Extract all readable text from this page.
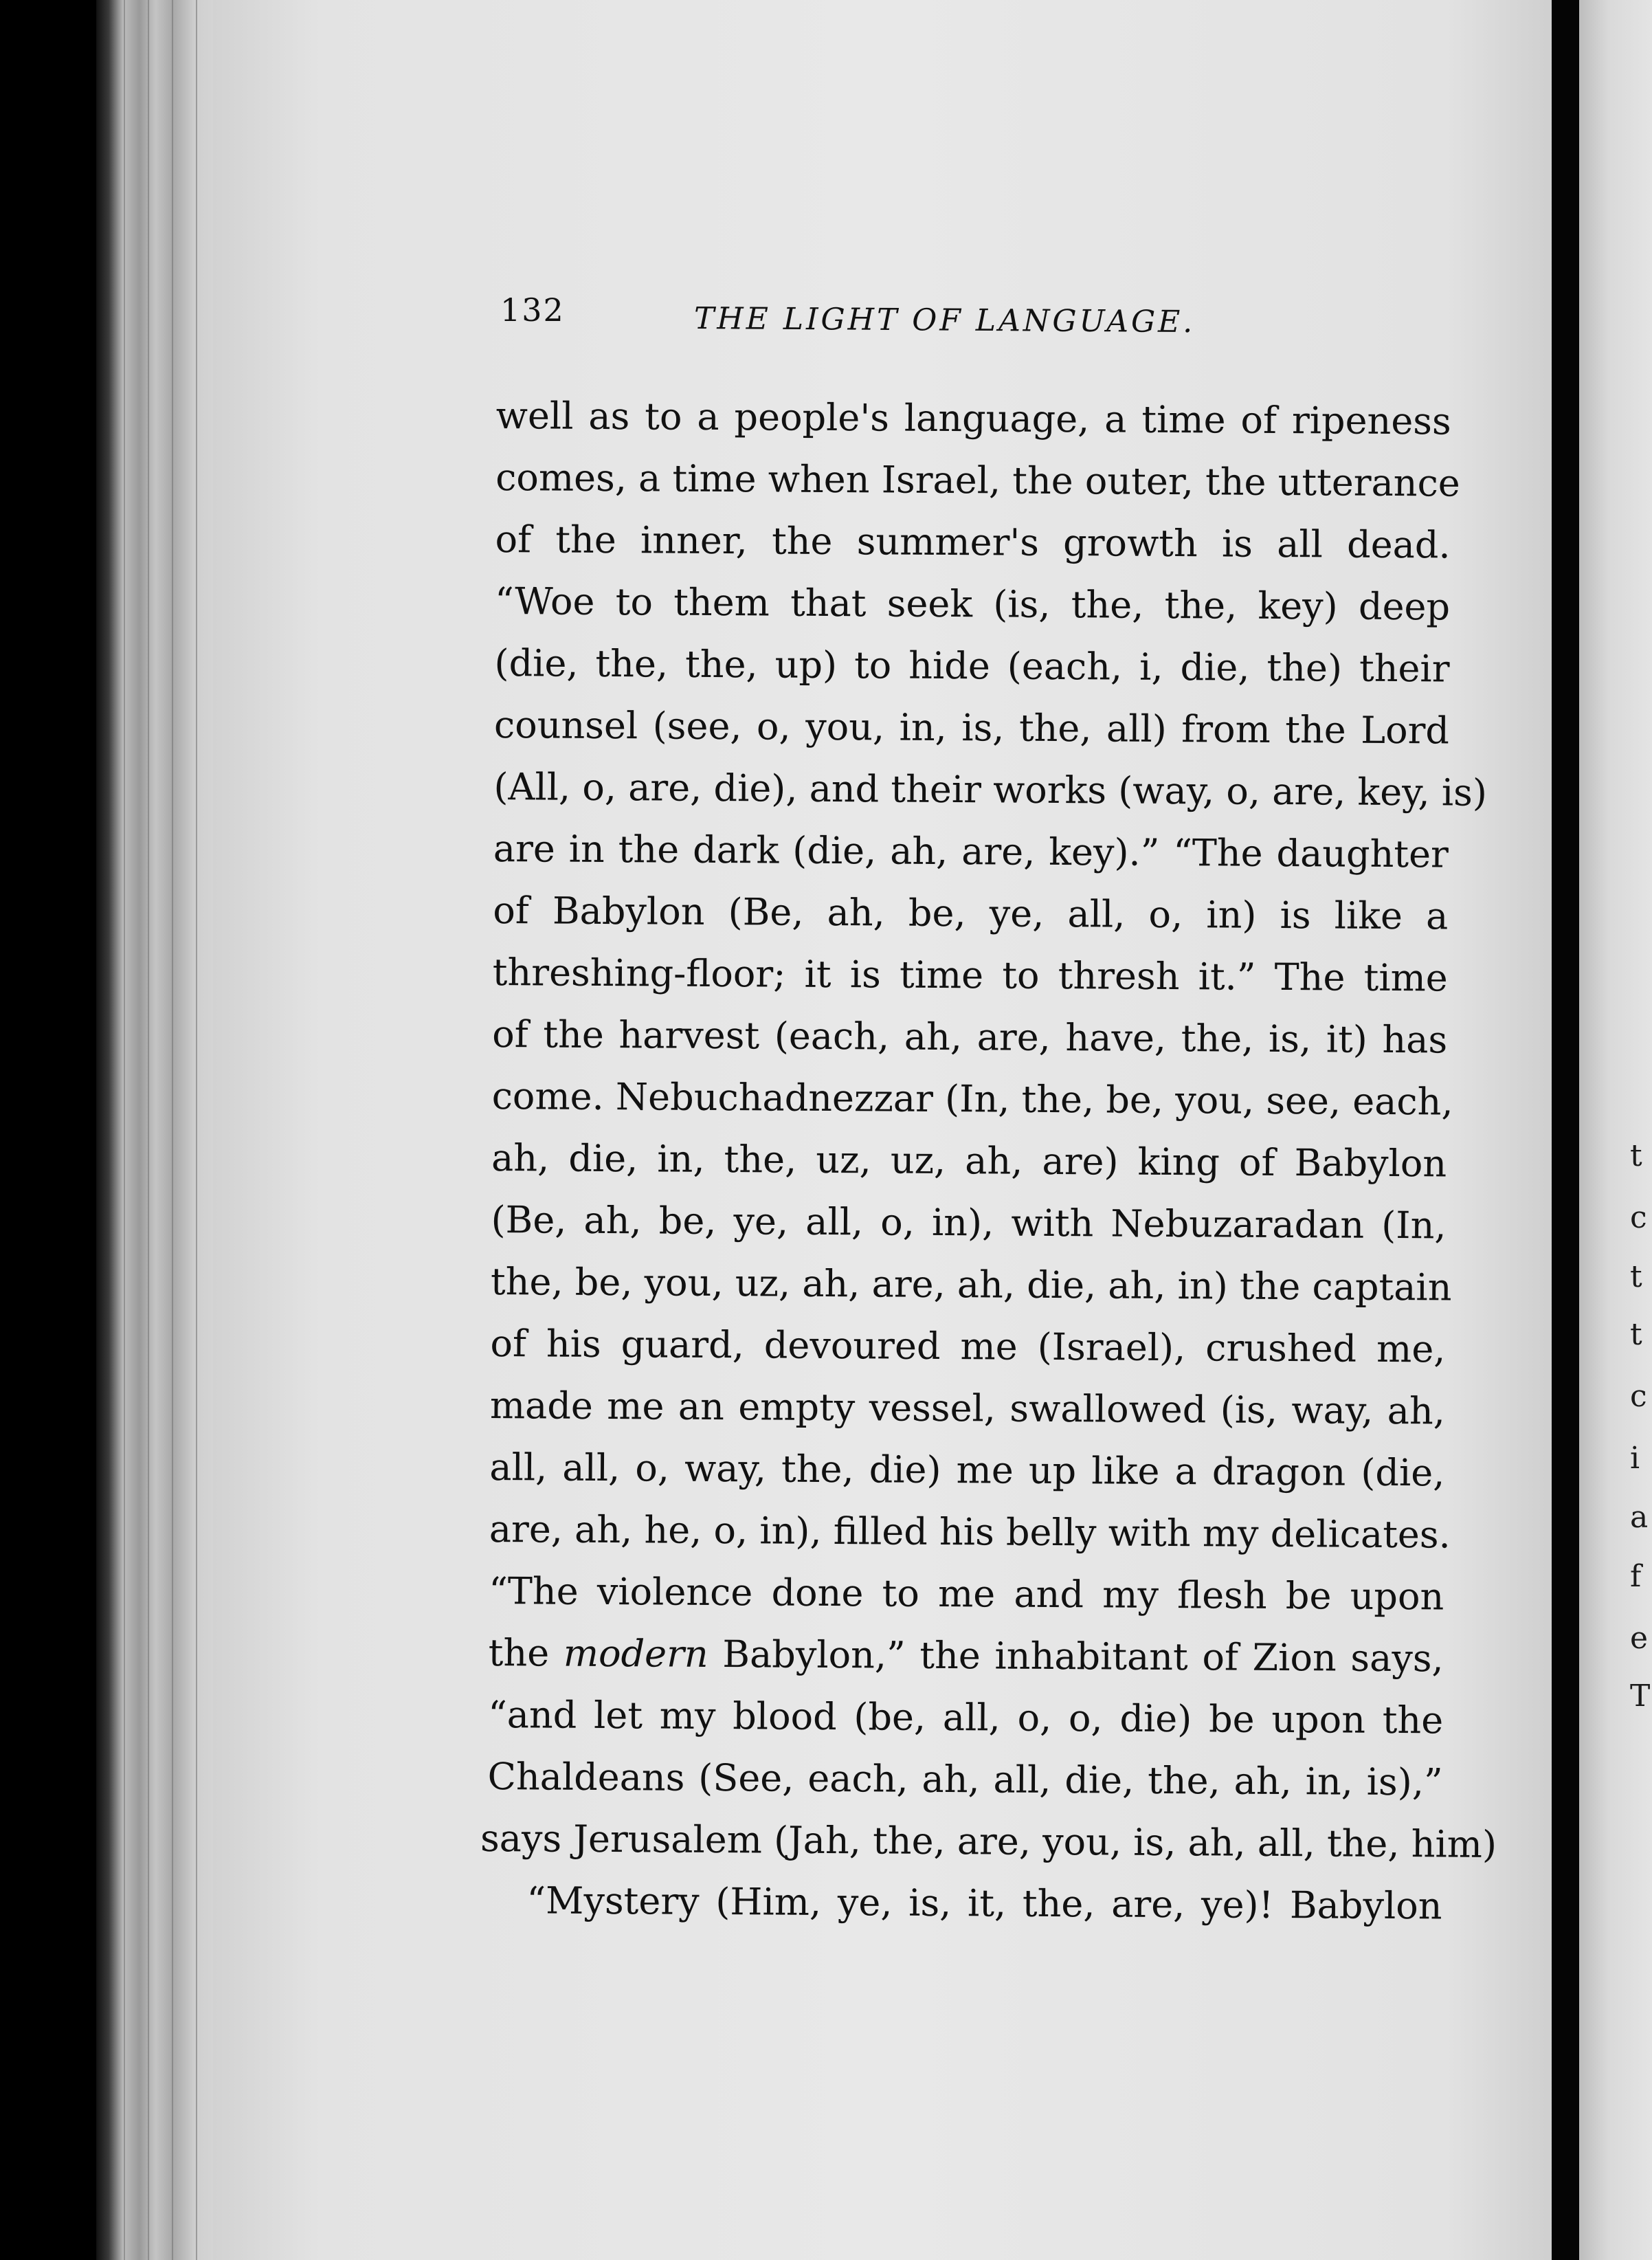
t
c
t
t
c
i
a
f
e
T
132	THE LIGHT OF LANGUAGE.
well as to a people's language, a time of ripeness
comes, a time when Israel, the outer, the utterance
of the inner, the summer's growth is all dead.
“Woe to them that seek (is, the, the, key) deep
(die, the, the, up) to hide (each, i, die, the) their
counsel (see, o, you, in, is, the, all) from the Lord
(All, o, are, die), and their works (way, o, are, key, is)
are in the dark (die, ah, are, key).” “The daughter
of Babylon (Be, ah, be, ye, all, o, in) is like a
threshing-floor; it is time to thresh it.” The time
of the harvest (each, ah, are, have, the, is, it) has
come. Nebuchadnezzar (In, the, be, you, see, each,
ah, die, in, the, uz, uz, ah, are) king of Babylon
(Be, ah, be, ye, all, o, in), with Nebuzaradan (In,
the, be, you, uz, ah, are, ah, die, ah, in) the captain
of his guard, devoured me (Israel), crushed me,
made me an empty vessel, swallowed (is, way, ah,
all, all, o, way, the, die) me up like a dragon (die,
are, ah, he, o, in), filled his belly with my delicates.
“The violence done to me and my flesh be upon
the modern Babylon,” the inhabitant of Zion says,
“and let my blood (be, all, o, o, die) be upon the
Chaldeans (See, each, ah, all, die, the, ah, in, is),”
says Jerusalem (Jah, the, are, you, is, ah, all, the, him)
“Mystery (Him, ye, is, it, the, are, ye)! Babylon
